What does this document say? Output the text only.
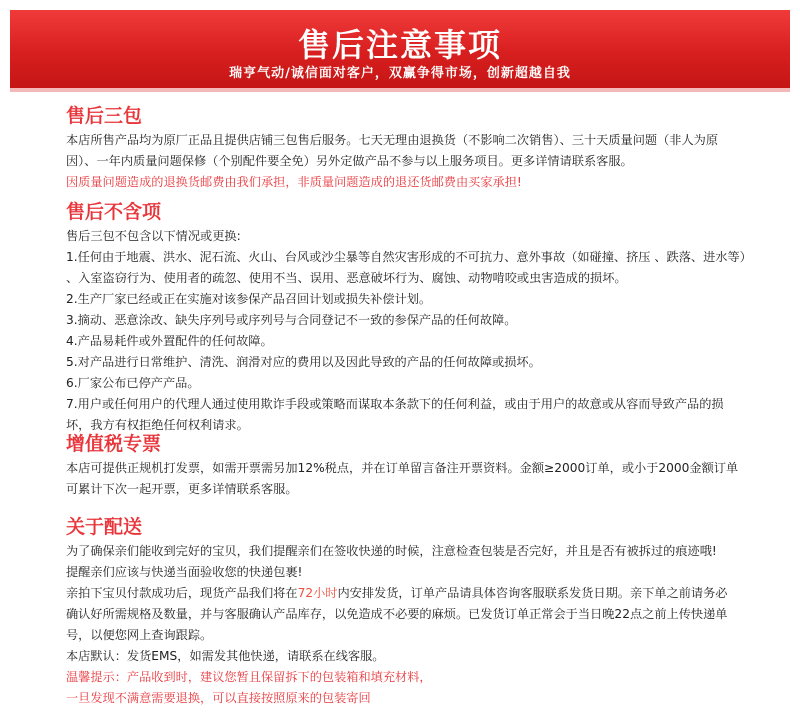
售后注意事项
瑞亨气动/诚信面对客户，双赢争得市场，创新超越自我
售后三包

本店所售产品均为原厂正品且提供店铺三包售后服务。七天无理由退换货（不影响二次销售）、三十天质量问题（非人为原

因）、一年内质量问题保修（个别配件要全免）另外定做产品不参与以上服务项目。更多详情请联系客服。

因质量问题造成的退换货邮费由我们承担，非质量问题造成的退还货邮费由买家承担!

售后不含项

售后三包不包含以下情况或更换:

1.任何由于地震、洪水、泥石流、火山、台风或沙尘暴等自然灾害形成的不可抗力、意外事故（如碰撞、挤压 、跌落、进水等）

、入室盗窃行为、使用者的疏忽、使用不当、误用、恶意破坏行为、腐蚀、动物啃咬或虫害造成的损坏。

2.生产厂家已经或正在实施对该参保产品召回计划或损失补偿计划。

3.摘动、恶意涂改、缺失序列号或序列号与合同登记不一致的参保产品的任何故障。

4.产品易耗件或外置配件的任何故障。

5.对产品进行日常维护、清洗、润滑对应的费用以及因此导致的产品的任何故障或损坏。

6.厂家公布已停产产品。

7.用户或任何用户的代理人通过使用欺诈手段或策略而谋取本条款下的任何利益，或由于用户的故意或从容而导致产品的损

坏，我方有权拒绝任何权利请求。

增值税专票

本店可提供正规机打发票，如需开票需另加12%税点，并在订单留言备注开票资料。金额≥2000订单，或小于2000金额订单

可累计下次一起开票，更多详情联系客服。

关于配送

为了确保亲们能收到完好的宝贝，我们提醒亲们在签收快递的时候，注意检查包装是否完好，并且是否有被拆过的痕迹哦!

提醒亲们应该与快递当面验收您的快递包裹!

亲拍下宝贝付款成功后，现货产品我们将在72小时内安排发货，订单产品请具体咨询客服联系发货日期。亲下单之前请务必

确认好所需规格及数量，并与客服确认产品库存，以免造成不必要的麻烦。已发货订单正常会于当日晚22点之前上传快递单

号，以便您网上查询跟踪。

本店默认：发货EMS，如需发其他快递，请联系在线客服。

温馨提示：产品收到时，建议您暂且保留拆下的包装箱和填充材料，

一旦发现不满意需要退换，可以直接按照原来的包装寄回
